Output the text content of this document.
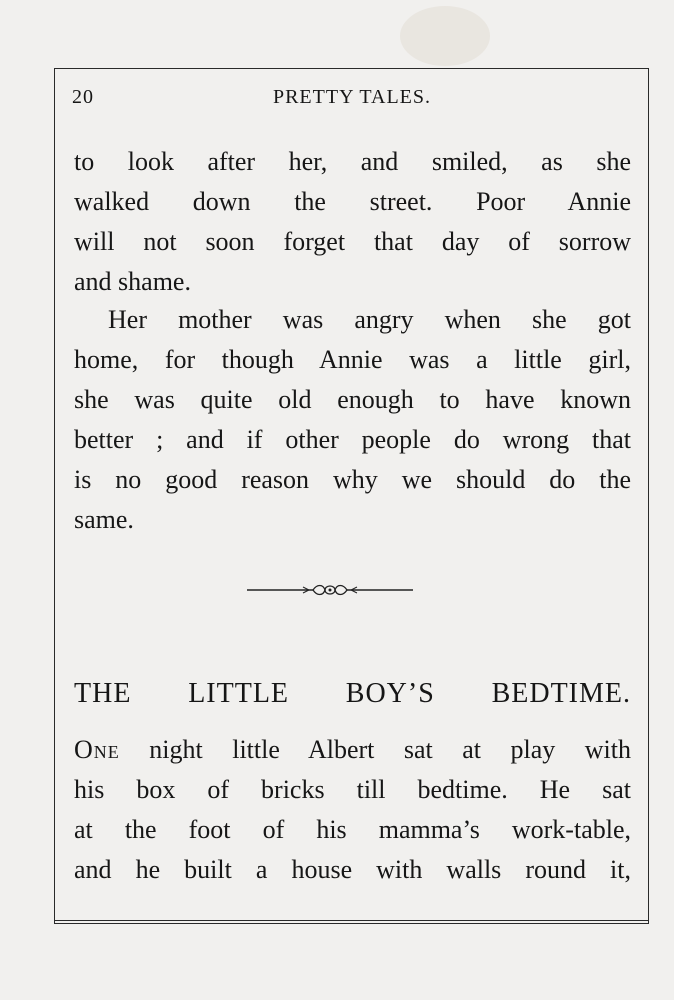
20	PRETTY TALES.
to look after her, and smiled, as she
walked down the street. Poor Annie
will not soon forget that day of sorrow
and shame.
Her mother was angry when she got
home, for though Annie was a little girl,
she was quite old enough to have known
better ; and if other people do wrong that
is no good reason why we should do the
same.
THE LITTLE BOY’S BEDTIME.
One night little Albert sat at play with
his box of bricks till bedtime. He sat
at the foot of his mamma’s work-table,
and he built a house with walls round it,
